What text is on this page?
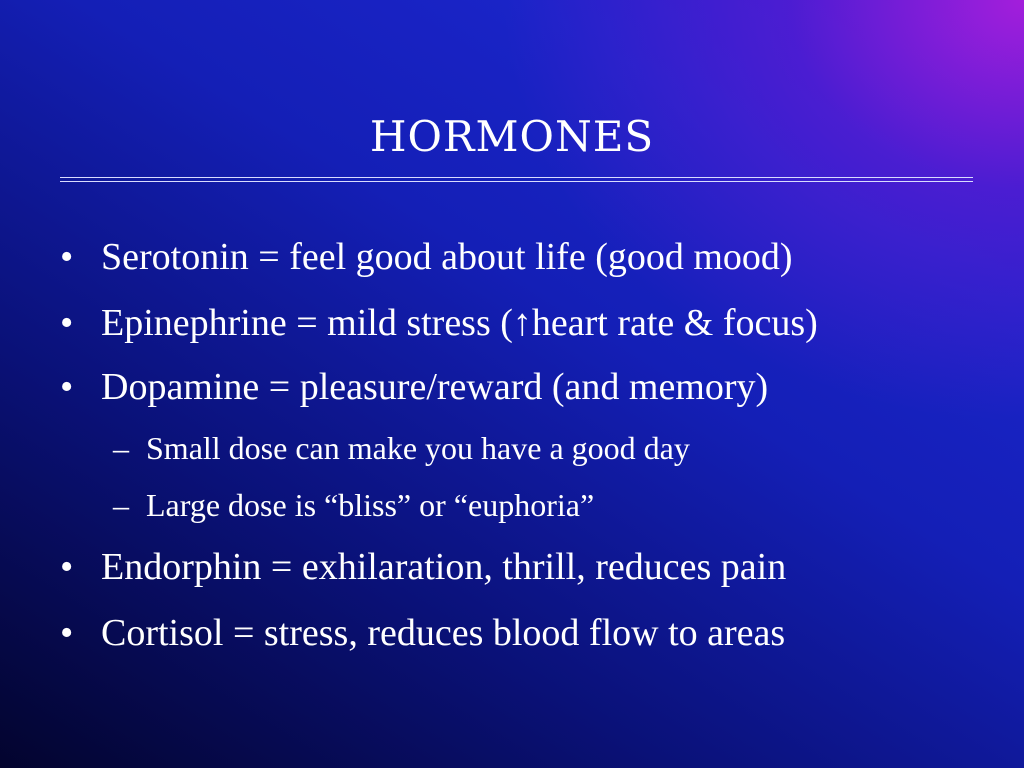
hormones
• Serotonin = feel good about life (good mood)
• Epinephrine = mild stress (↑heart rate & focus)
• Dopamine = pleasure/reward (and memory)
– Small dose can make you have a good day
– Large dose is “bliss” or “euphoria”
• Endorphin = exhilaration, thrill, reduces pain
• Cortisol = stress, reduces blood flow to areas
